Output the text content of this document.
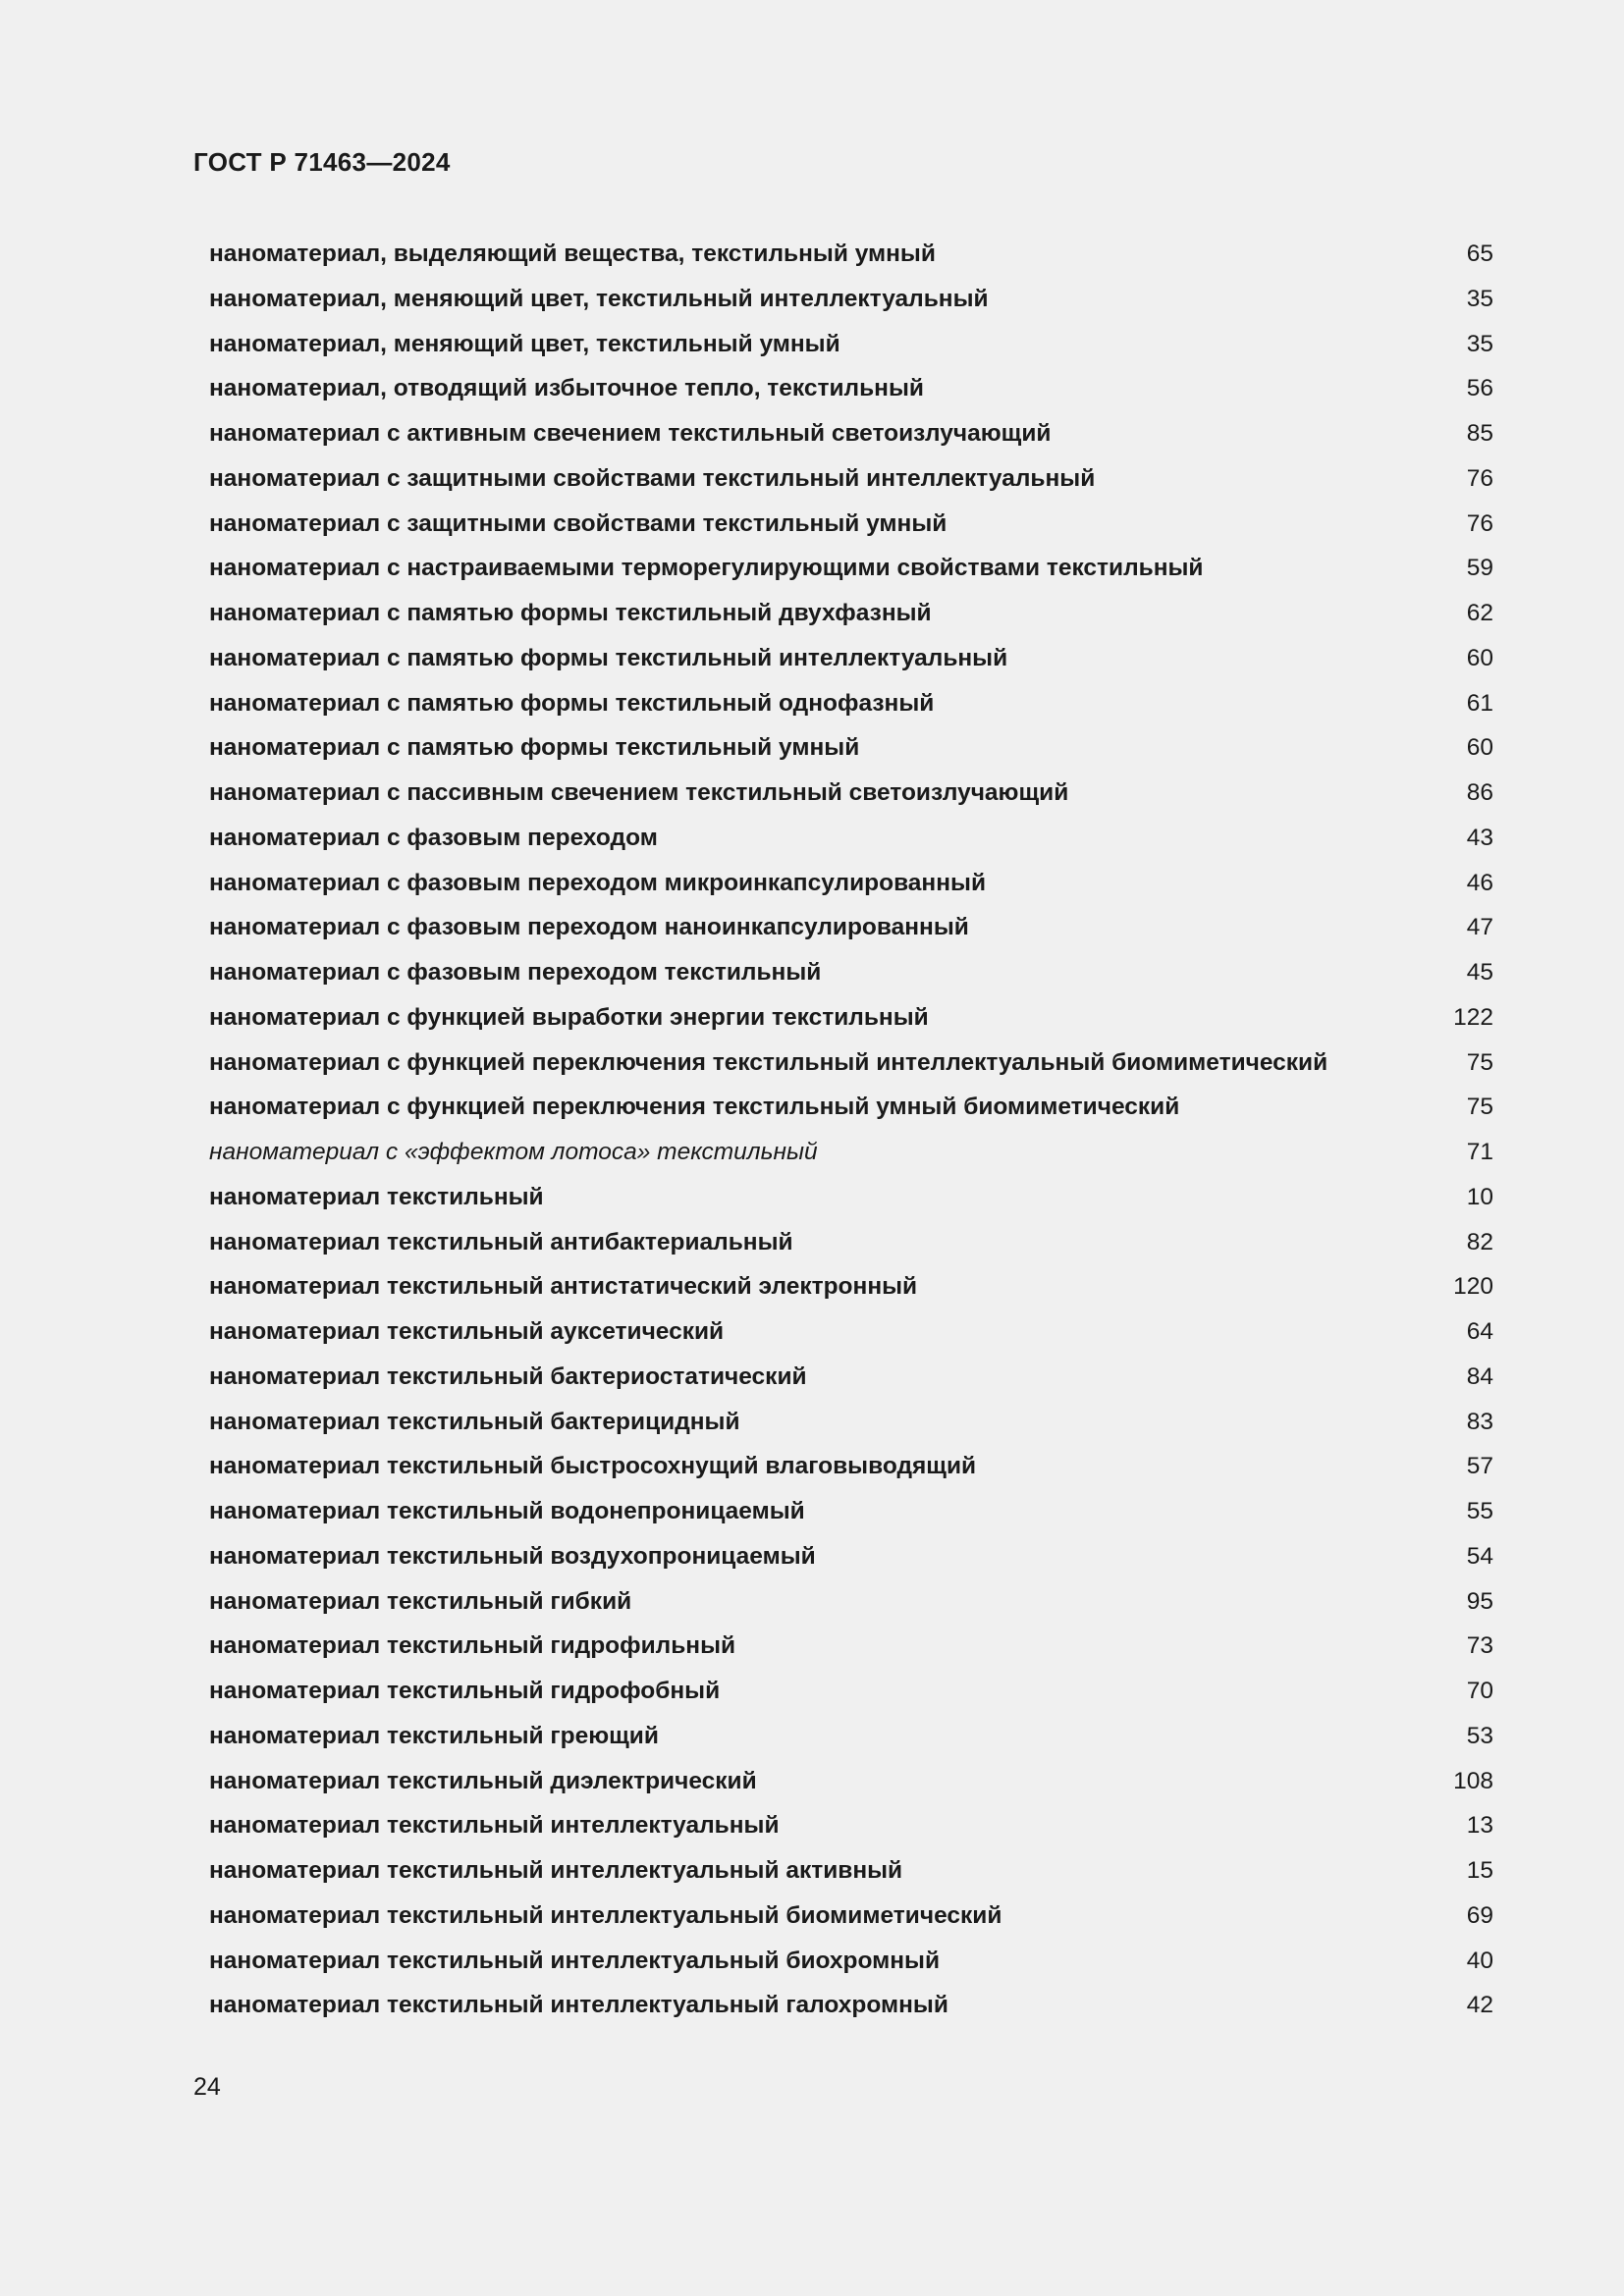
ГОСТ Р 71463—2024
наноматериал, выделяющий вещества, текстильный умный	65
наноматериал, меняющий цвет, текстильный интеллектуальный	35
наноматериал, меняющий цвет, текстильный умный	35
наноматериал, отводящий избыточное тепло, текстильный	56
наноматериал с активным свечением текстильный светоизлучающий	85
наноматериал с защитными свойствами текстильный интеллектуальный	76
наноматериал с защитными свойствами текстильный умный	76
наноматериал с настраиваемыми терморегулирующими свойствами текстильный	59
наноматериал с памятью формы текстильный двухфазный	62
наноматериал с памятью формы текстильный интеллектуальный	60
наноматериал с памятью формы текстильный однофазный	61
наноматериал с памятью формы текстильный умный	60
наноматериал с пассивным свечением текстильный светоизлучающий	86
наноматериал с фазовым переходом	43
наноматериал с фазовым переходом микроинкапсулированный	46
наноматериал с фазовым переходом наноинкапсулированный	47
наноматериал с фазовым переходом текстильный	45
наноматериал с функцией выработки энергии текстильный	122
наноматериал с функцией переключения текстильный интеллектуальный биомиметический	75
наноматериал с функцией переключения текстильный умный биомиметический	75
наноматериал с «эффектом лотоса» текстильный	71
наноматериал текстильный	10
наноматериал текстильный антибактериальный	82
наноматериал текстильный антистатический электронный	120
наноматериал текстильный ауксетический	64
наноматериал текстильный бактериостатический	84
наноматериал текстильный бактерицидный	83
наноматериал текстильный быстросохнущий влаговыводящий	57
наноматериал текстильный водонепроницаемый	55
наноматериал текстильный воздухопроницаемый	54
наноматериал текстильный гибкий	95
наноматериал текстильный гидрофильный	73
наноматериал текстильный гидрофобный	70
наноматериал текстильный греющий	53
наноматериал текстильный диэлектрический	108
наноматериал текстильный интеллектуальный	13
наноматериал текстильный интеллектуальный активный	15
наноматериал текстильный интеллектуальный биомиметический	69
наноматериал текстильный интеллектуальный биохромный	40
наноматериал текстильный интеллектуальный галохромный	42
24
